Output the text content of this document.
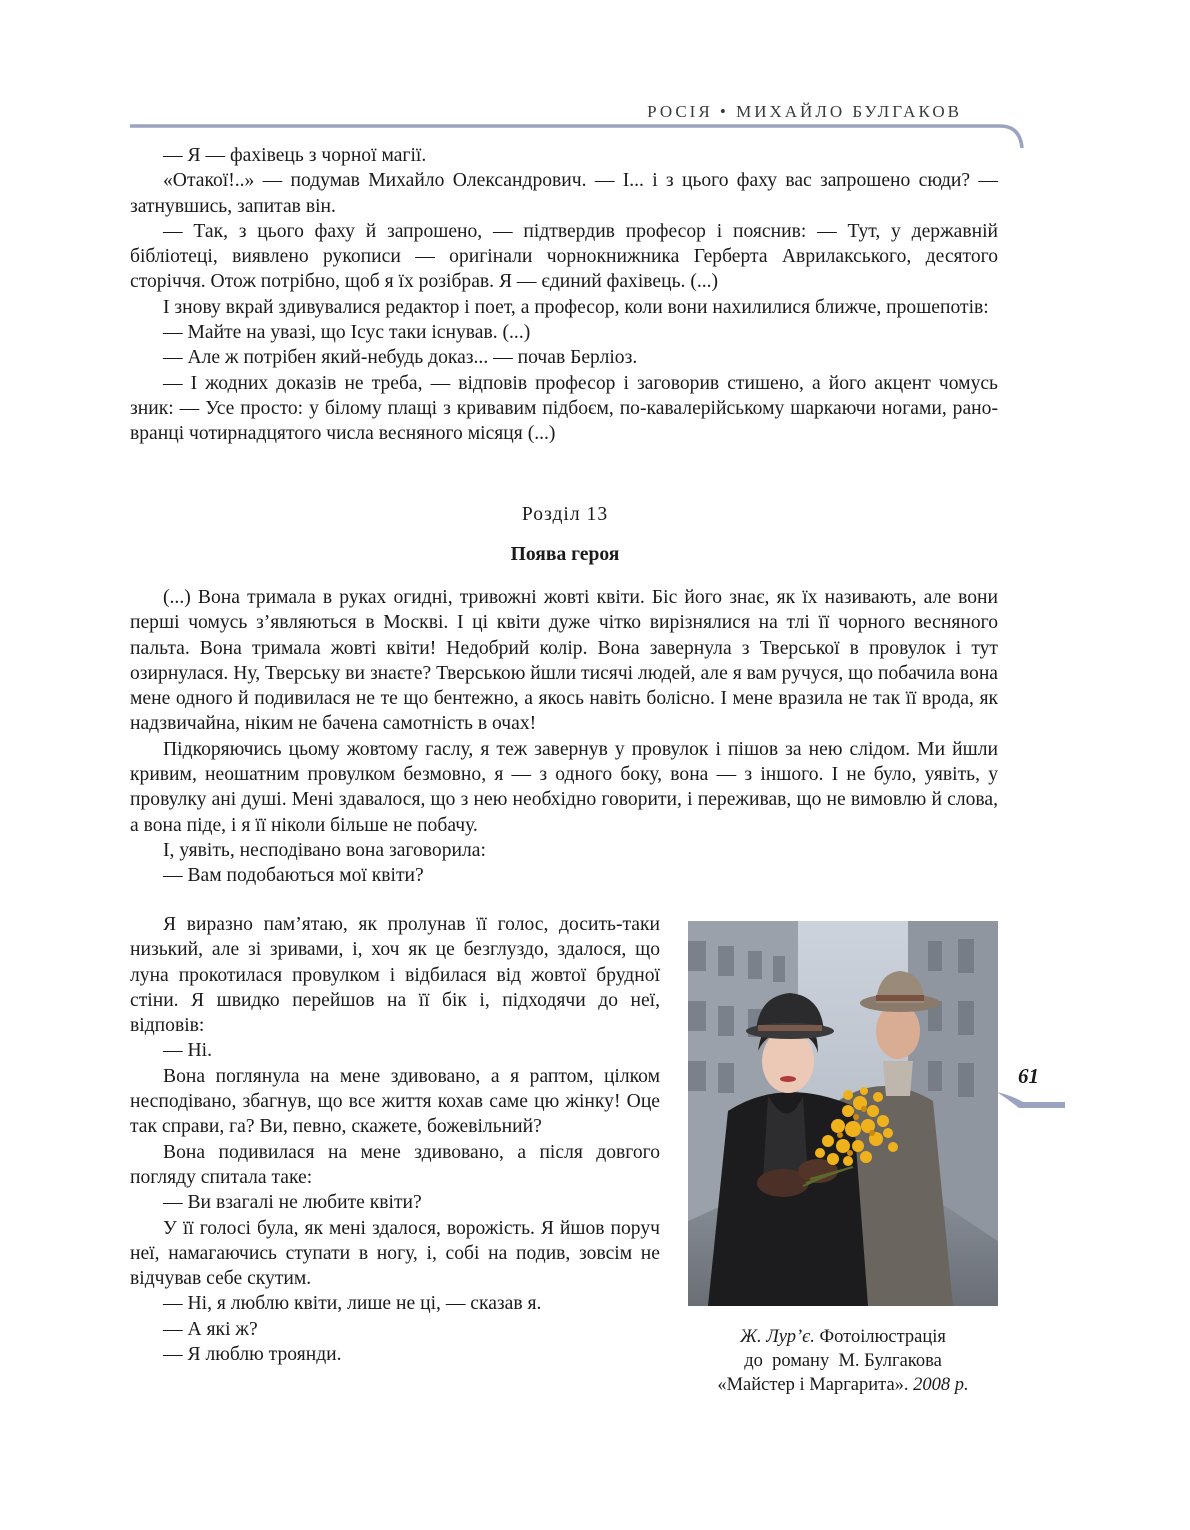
РОСІЯ • МИХАЙЛО БУЛГАКОВ

— Я — фахівець з чорної магії.

«Отакої!..» — подумав Михайло Олександрович. — І... і з цього фаху вас запрошено сюди? — затнувшись, запитав він.

— Так, з цього фаху й запрошено, — підтвердив професор і пояснив: — Тут, у державній бібліотеці, виявлено рукописи — оригінали чорнокнижника Герберта Аврилакського, десятого сторіччя. Отож потрібно, щоб я їх розібрав. Я — єдиний фахівець. (...)

І знову вкрай здивувалися редактор і поет, а професор, коли вони нахилилися ближче, прошепотів:

— Майте на увазі, що Ісус таки існував. (...)

— Але ж потрібен який-небудь доказ... — почав Берліоз.

— І жодних доказів не треба, — відповів професор і заговорив стишено, а його акцент чомусь зник: — Усе просто: у білому плащі з кривавим підбоєм, по-кавалерійському шаркаючи ногами, рано-вранці чотирнадцятого числа весняного місяця (...)

Розділ 13
Поява героя

(...) Вона тримала в руках огидні, тривожні жовті квіти. Біс його знає, як їх називають, але вони перші чомусь з’являються в Москві. І ці квіти дуже чітко вирізнялися на тлі її чорного весняного пальта. Вона тримала жовті квіти! Недобрий колір. Вона завернула з Тверської в провулок і тут озирнулася. Ну, Тверську ви знаєте? Тверською йшли тисячі людей, але я вам ручуся, що побачила вона мене одного й подивилася не те що бентежно, а якось навіть болісно. І мене вразила не так її врода, як надзвичайна, ніким не бачена самотність в очах!

Підкоряючись цьому жовтому гаслу, я теж завернув у провулок і пішов за нею слідом. Ми йшли кривим, неошатним провулком безмовно, я — з одного боку, вона — з іншого. І не було, уявіть, у провулку ані душі. Мені здавалося, що з нею необхідно говорити, і переживав, що не вимовлю й слова, а вона піде, і я її ніколи більше не побачу.

І, уявіть, несподівано вона заговорила:

— Вам подобаються мої квіти?

Я виразно пам’ятаю, як пролунав її голос, досить-таки низький, але зі зривами, і, хоч як це безглуздо, здалося, що луна прокотилася провулком і відбилася від жовтої брудної стіни. Я швидко перейшов на її бік і, підходячи до неї, відповів:

— Ні.

Вона поглянула на мене здивовано, а я раптом, цілком несподівано, збагнув, що все життя кохав саме цю жінку! Оце так справи, га? Ви, певно, скажете, божевільний?

Вона подивилася на мене здивовано, а після довгого погляду спитала таке:

— Ви взагалі не любите квіти?

У її голосі була, як мені здалося, ворожість. Я йшов поруч неї, намагаючись ступати в ногу, і, собі на подив, зовсім не відчував себе скутим.

— Ні, я люблю квіти, лише не ці, — сказав я.

— А які ж?

— Я люблю троянди.

Ж. Лур’є. Фотоілюстрація
до  роману  М. Булгакова
«Майстер і Маргарита». 2008 р.
61
